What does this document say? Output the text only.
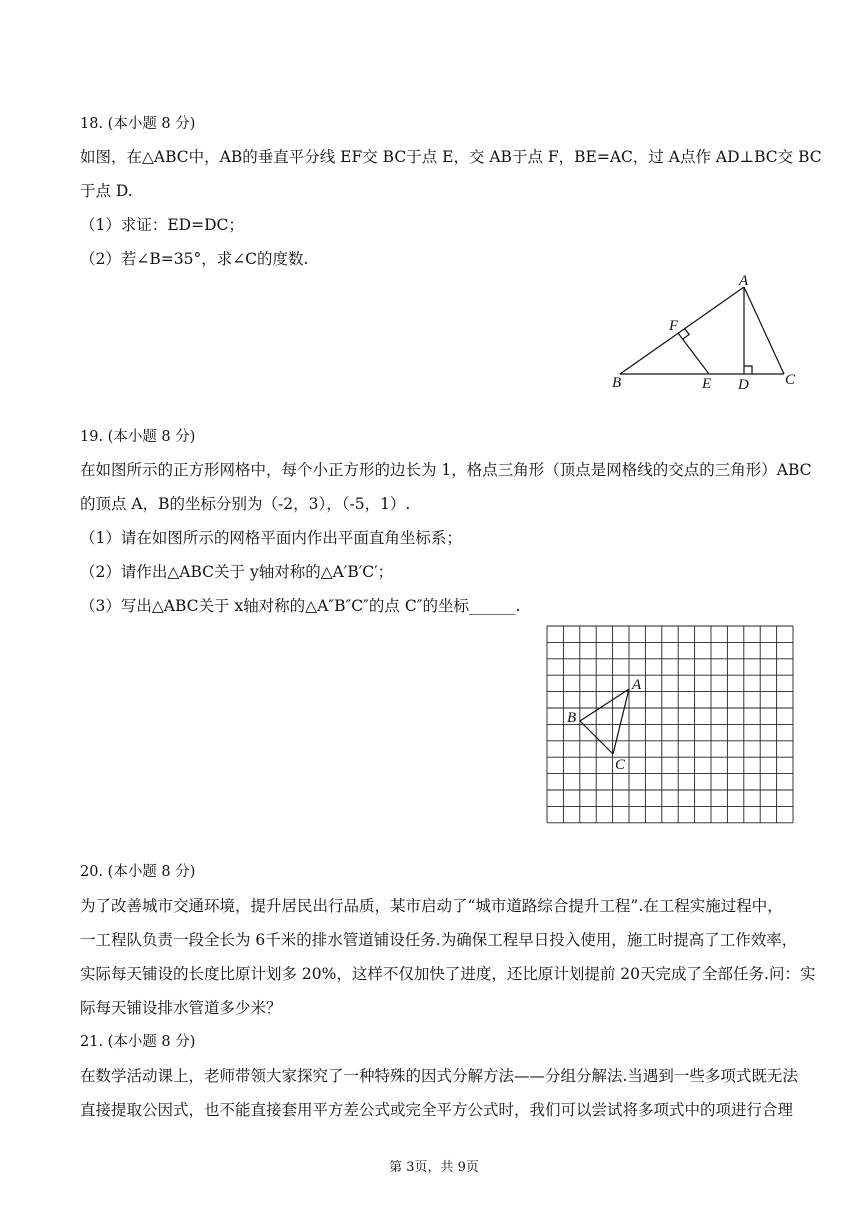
18. (本小题 8 分)
如图，在△ABC中，AB的垂直平分线 EF交 BC于点 E，交 AB于点 F，BE=AC，过 A点作 AD⊥BC交 BC
于点 D.
（1）求证：ED=DC；
（2）若∠B=35°，求∠C的度数.
A
B	C
D
E
F
19. (本小题 8 分)
在如图所示的正方形网格中，每个小正方形的边长为 1，格点三角形（顶点是网格线的交点的三角形）ABC
的顶点 A，B的坐标分别为（-2，3），（-5，1）.
（1）请在如图所示的网格平面内作出平面直角坐标系；
（2）请作出△ABC关于 y轴对称的△A′B′C′；
（3）写出△ABC关于 x轴对称的△A″B″C″的点 C″的坐标______.
A
B
C
20. (本小题 8 分)
为了改善城市交通环境，提升居民出行品质，某市启动了“城市道路综合提升工程”.在工程实施过程中，
一工程队负责一段全长为 6千米的排水管道铺设任务.为确保工程早日投入使用，施工时提高了工作效率，
实际每天铺设的长度比原计划多 20%，这样不仅加快了进度，还比原计划提前 20天完成了全部任务.问：实
际每天铺设排水管道多少米？
21. (本小题 8 分)
在数学活动课上，老师带领大家探究了一种特殊的因式分解方法——分组分解法.当遇到一些多项式既无法
直接提取公因式，也不能直接套用平方差公式或完全平方公式时，我们可以尝试将多项式中的项进行合理
第 3页，共 9页
